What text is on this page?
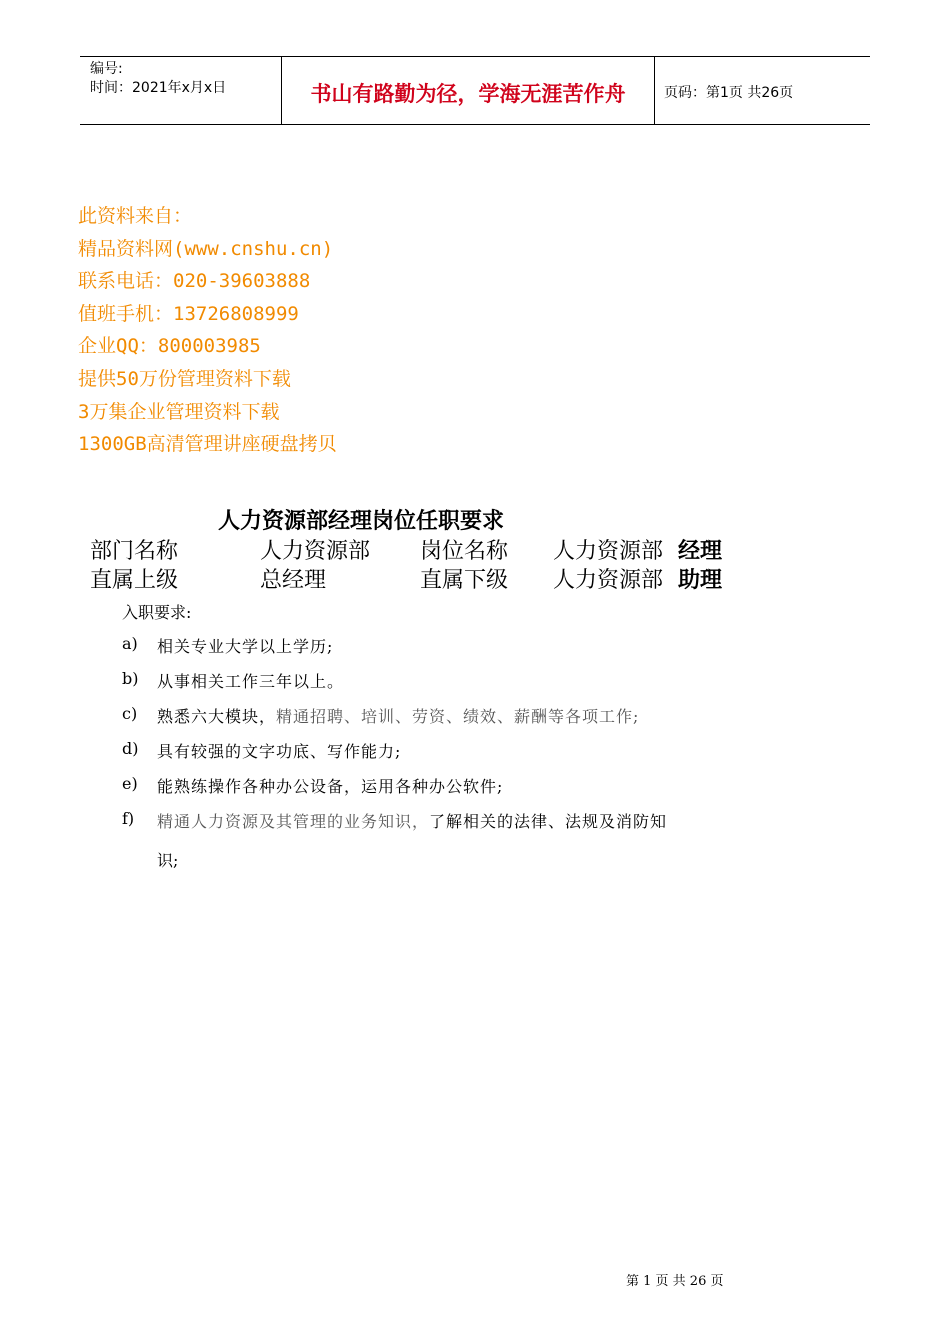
编号:
时间：2021年x月x日	书山有路勤为径，学海无涯苦作舟	页码：第1页 共26页
此资料来自：
精品资料网(www.cnshu.cn)
联系电话：020-39603888
值班手机：13726808999
企业QQ：800003985
提供50万份管理资料下载
3万集企业管理资料下载
1300GB高清管理讲座硬盘拷贝
人力资源部经理岗位任职要求
部门名称	人力资源部 岗位名称 人力资源部 经理
直属上级	总经理	直属下级 人力资源部 助理
入职要求:
a) 相关专业大学以上学历;
b) 从事相关工作三年以上。
c) 熟悉六大模块，精通招聘、培训、劳资、绩效、薪酬等各项工作;
d) 具有较强的文字功底、写作能力;
e) 能熟练操作各种办公设备，运用各种办公软件;
f) 精通人力资源及其管理的业务知识，了解相关的法律、法规及消防知
识;
第 1 页 共 26 页
